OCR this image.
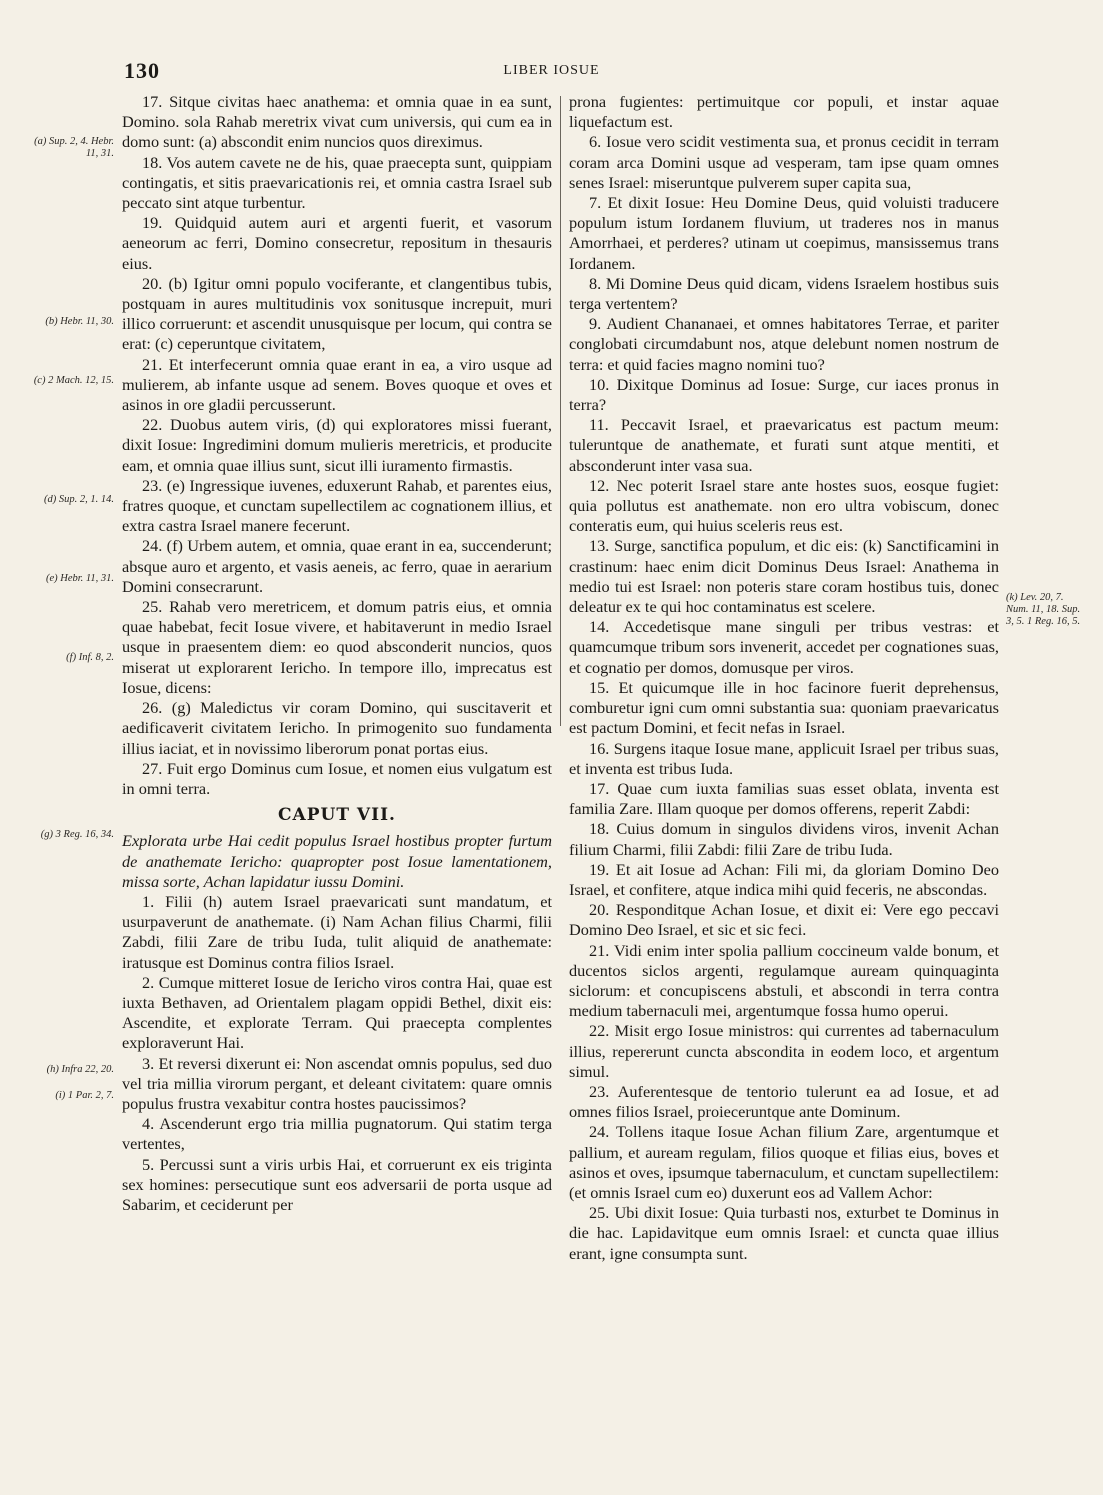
130	LIBER IOSUE
(a) Sup. 2, 4. Hebr. 11, 31.
(b) Hebr. 11, 30.
(c) 2 Mach. 12, 15.
(d) Sup. 2, 1. 14.
(e) Hebr. 11, 31.
(f) Inf. 8, 2.
(g) 3 Reg. 16, 34.
(h) Infra 22, 20.
(i) 1 Par. 2, 7.
(k) Lev. 20, 7. Num. 11, 18. Sup. 3, 5. 1 Reg. 16, 5.

17. Sitque civitas haec anathema: et omnia quae in ea sunt, Domino. sola Rahab meretrix vivat cum universis, qui cum ea in domo sunt: (a) abscondit enim nuncios quos direximus.

18. Vos autem cavete ne de his, quae praecepta sunt, quippiam contingatis, et sitis praevaricationis rei, et omnia castra Israel sub peccato sint atque turbentur.

19. Quidquid autem auri et argenti fuerit, et vasorum aeneorum ac ferri, Domino consecretur, repositum in thesauris eius.

20. (b) Igitur omni populo vociferante, et clangentibus tubis, postquam in aures multitudinis vox sonitusque increpuit, muri illico corruerunt: et ascendit unusquisque per locum, qui contra se erat: (c) ceperuntque civitatem,

21. Et interfecerunt omnia quae erant in ea, a viro usque ad mulierem, ab infante usque ad senem. Boves quoque et oves et asinos in ore gladii percusserunt.

22. Duobus autem viris, (d) qui exploratores missi fuerant, dixit Iosue: Ingredimini domum mulieris meretricis, et producite eam, et omnia quae illius sunt, sicut illi iuramento firmastis.

23. (e) Ingressique iuvenes, eduxerunt Rahab, et parentes eius, fratres quoque, et cunctam supellectilem ac cognationem illius, et extra castra Israel manere fecerunt.

24. (f) Urbem autem, et omnia, quae erant in ea, succenderunt; absque auro et argento, et vasis aeneis, ac ferro, quae in aerarium Domini consecrarunt.

25. Rahab vero meretricem, et domum patris eius, et omnia quae habebat, fecit Iosue vivere, et habitaverunt in medio Israel usque in praesentem diem: eo quod absconderit nuncios, quos miserat ut explorarent Iericho. In tempore illo, imprecatus est Iosue, dicens:

26. (g) Maledictus vir coram Domino, qui suscitaverit et aedificaverit civitatem Iericho. In primogenito suo fundamenta illius iaciat, et in novissimo liberorum ponat portas eius.

27. Fuit ergo Dominus cum Iosue, et nomen eius vulgatum est in omni terra.

CAPUT VII.

Explorata urbe Hai cedit populus Israel hostibus propter furtum de anathemate Iericho: quapropter post Iosue lamentationem, missa sorte, Achan lapidatur iussu Domini.

1. Filii (h) autem Israel praevaricati sunt mandatum, et usurpaverunt de anathemate. (i) Nam Achan filius Charmi, filii Zabdi, filii Zare de tribu Iuda, tulit aliquid de anathemate: iratusque est Dominus contra filios Israel.

2. Cumque mitteret Iosue de Iericho viros contra Hai, quae est iuxta Bethaven, ad Orientalem plagam oppidi Bethel, dixit eis: Ascendite, et explorate Terram. Qui praecepta complentes exploraverunt Hai.

3. Et reversi dixerunt ei: Non ascendat omnis populus, sed duo vel tria millia virorum pergant, et deleant civitatem: quare omnis populus frustra vexabitur contra hostes paucissimos?

4. Ascenderunt ergo tria millia pugnatorum. Qui statim terga vertentes,

5. Percussi sunt a viris urbis Hai, et corruerunt ex eis triginta sex homines: persecutique sunt eos adversarii de porta usque ad Sabarim, et ceciderunt per

prona fugientes: pertimuitque cor populi, et instar aquae liquefactum est.

6. Iosue vero scidit vestimenta sua, et pronus cecidit in terram coram arca Domini usque ad vesperam, tam ipse quam omnes senes Israel: miseruntque pulverem super capita sua,

7. Et dixit Iosue: Heu Domine Deus, quid voluisti traducere populum istum Iordanem fluvium, ut traderes nos in manus Amorrhaei, et perderes? utinam ut coepimus, mansissemus trans Iordanem.

8. Mi Domine Deus quid dicam, videns Israelem hostibus suis terga vertentem?

9. Audient Chananaei, et omnes habitatores Terrae, et pariter conglobati circumdabunt nos, atque delebunt nomen nostrum de terra: et quid facies magno nomini tuo?

10. Dixitque Dominus ad Iosue: Surge, cur iaces pronus in terra?

11. Peccavit Israel, et praevaricatus est pactum meum: tuleruntque de anathemate, et furati sunt atque mentiti, et absconderunt inter vasa sua.

12. Nec poterit Israel stare ante hostes suos, eosque fugiet: quia pollutus est anathemate. non ero ultra vobiscum, donec conteratis eum, qui huius sceleris reus est.

13. Surge, sanctifica populum, et dic eis: (k) Sanctificamini in crastinum: haec enim dicit Dominus Deus Israel: Anathema in medio tui est Israel: non poteris stare coram hostibus tuis, donec deleatur ex te qui hoc contaminatus est scelere.

14. Accedetisque mane singuli per tribus vestras: et quamcumque tribum sors invenerit, accedet per cognationes suas, et cognatio per domos, domusque per viros.

15. Et quicumque ille in hoc facinore fuerit deprehensus, comburetur igni cum omni substantia sua: quoniam praevaricatus est pactum Domini, et fecit nefas in Israel.

16. Surgens itaque Iosue mane, applicuit Israel per tribus suas, et inventa est tribus Iuda.

17. Quae cum iuxta familias suas esset oblata, inventa est familia Zare. Illam quoque per domos offerens, reperit Zabdi:

18. Cuius domum in singulos dividens viros, invenit Achan filium Charmi, filii Zabdi: filii Zare de tribu Iuda.

19. Et ait Iosue ad Achan: Fili mi, da gloriam Domino Deo Israel, et confitere, atque indica mihi quid feceris, ne abscondas.

20. Responditque Achan Iosue, et dixit ei: Vere ego peccavi Domino Deo Israel, et sic et sic feci.

21. Vidi enim inter spolia pallium coccineum valde bonum, et ducentos siclos argenti, regulamque auream quinquaginta siclorum: et concupiscens abstuli, et abscondi in terra contra medium tabernaculi mei, argentumque fossa humo operui.

22. Misit ergo Iosue ministros: qui currentes ad tabernaculum illius, repererunt cuncta abscondita in eodem loco, et argentum simul.

23. Auferentesque de tentorio tulerunt ea ad Iosue, et ad omnes filios Israel, proieceruntque ante Dominum.

24. Tollens itaque Iosue Achan filium Zare, argentumque et pallium, et auream regulam, filios quoque et filias eius, boves et asinos et oves, ipsumque tabernaculum, et cunctam supellectilem: (et omnis Israel cum eo) duxerunt eos ad Vallem Achor:

25. Ubi dixit Iosue: Quia turbasti nos, exturbet te Dominus in die hac. Lapidavitque eum omnis Israel: et cuncta quae illius erant, igne consumpta sunt.
